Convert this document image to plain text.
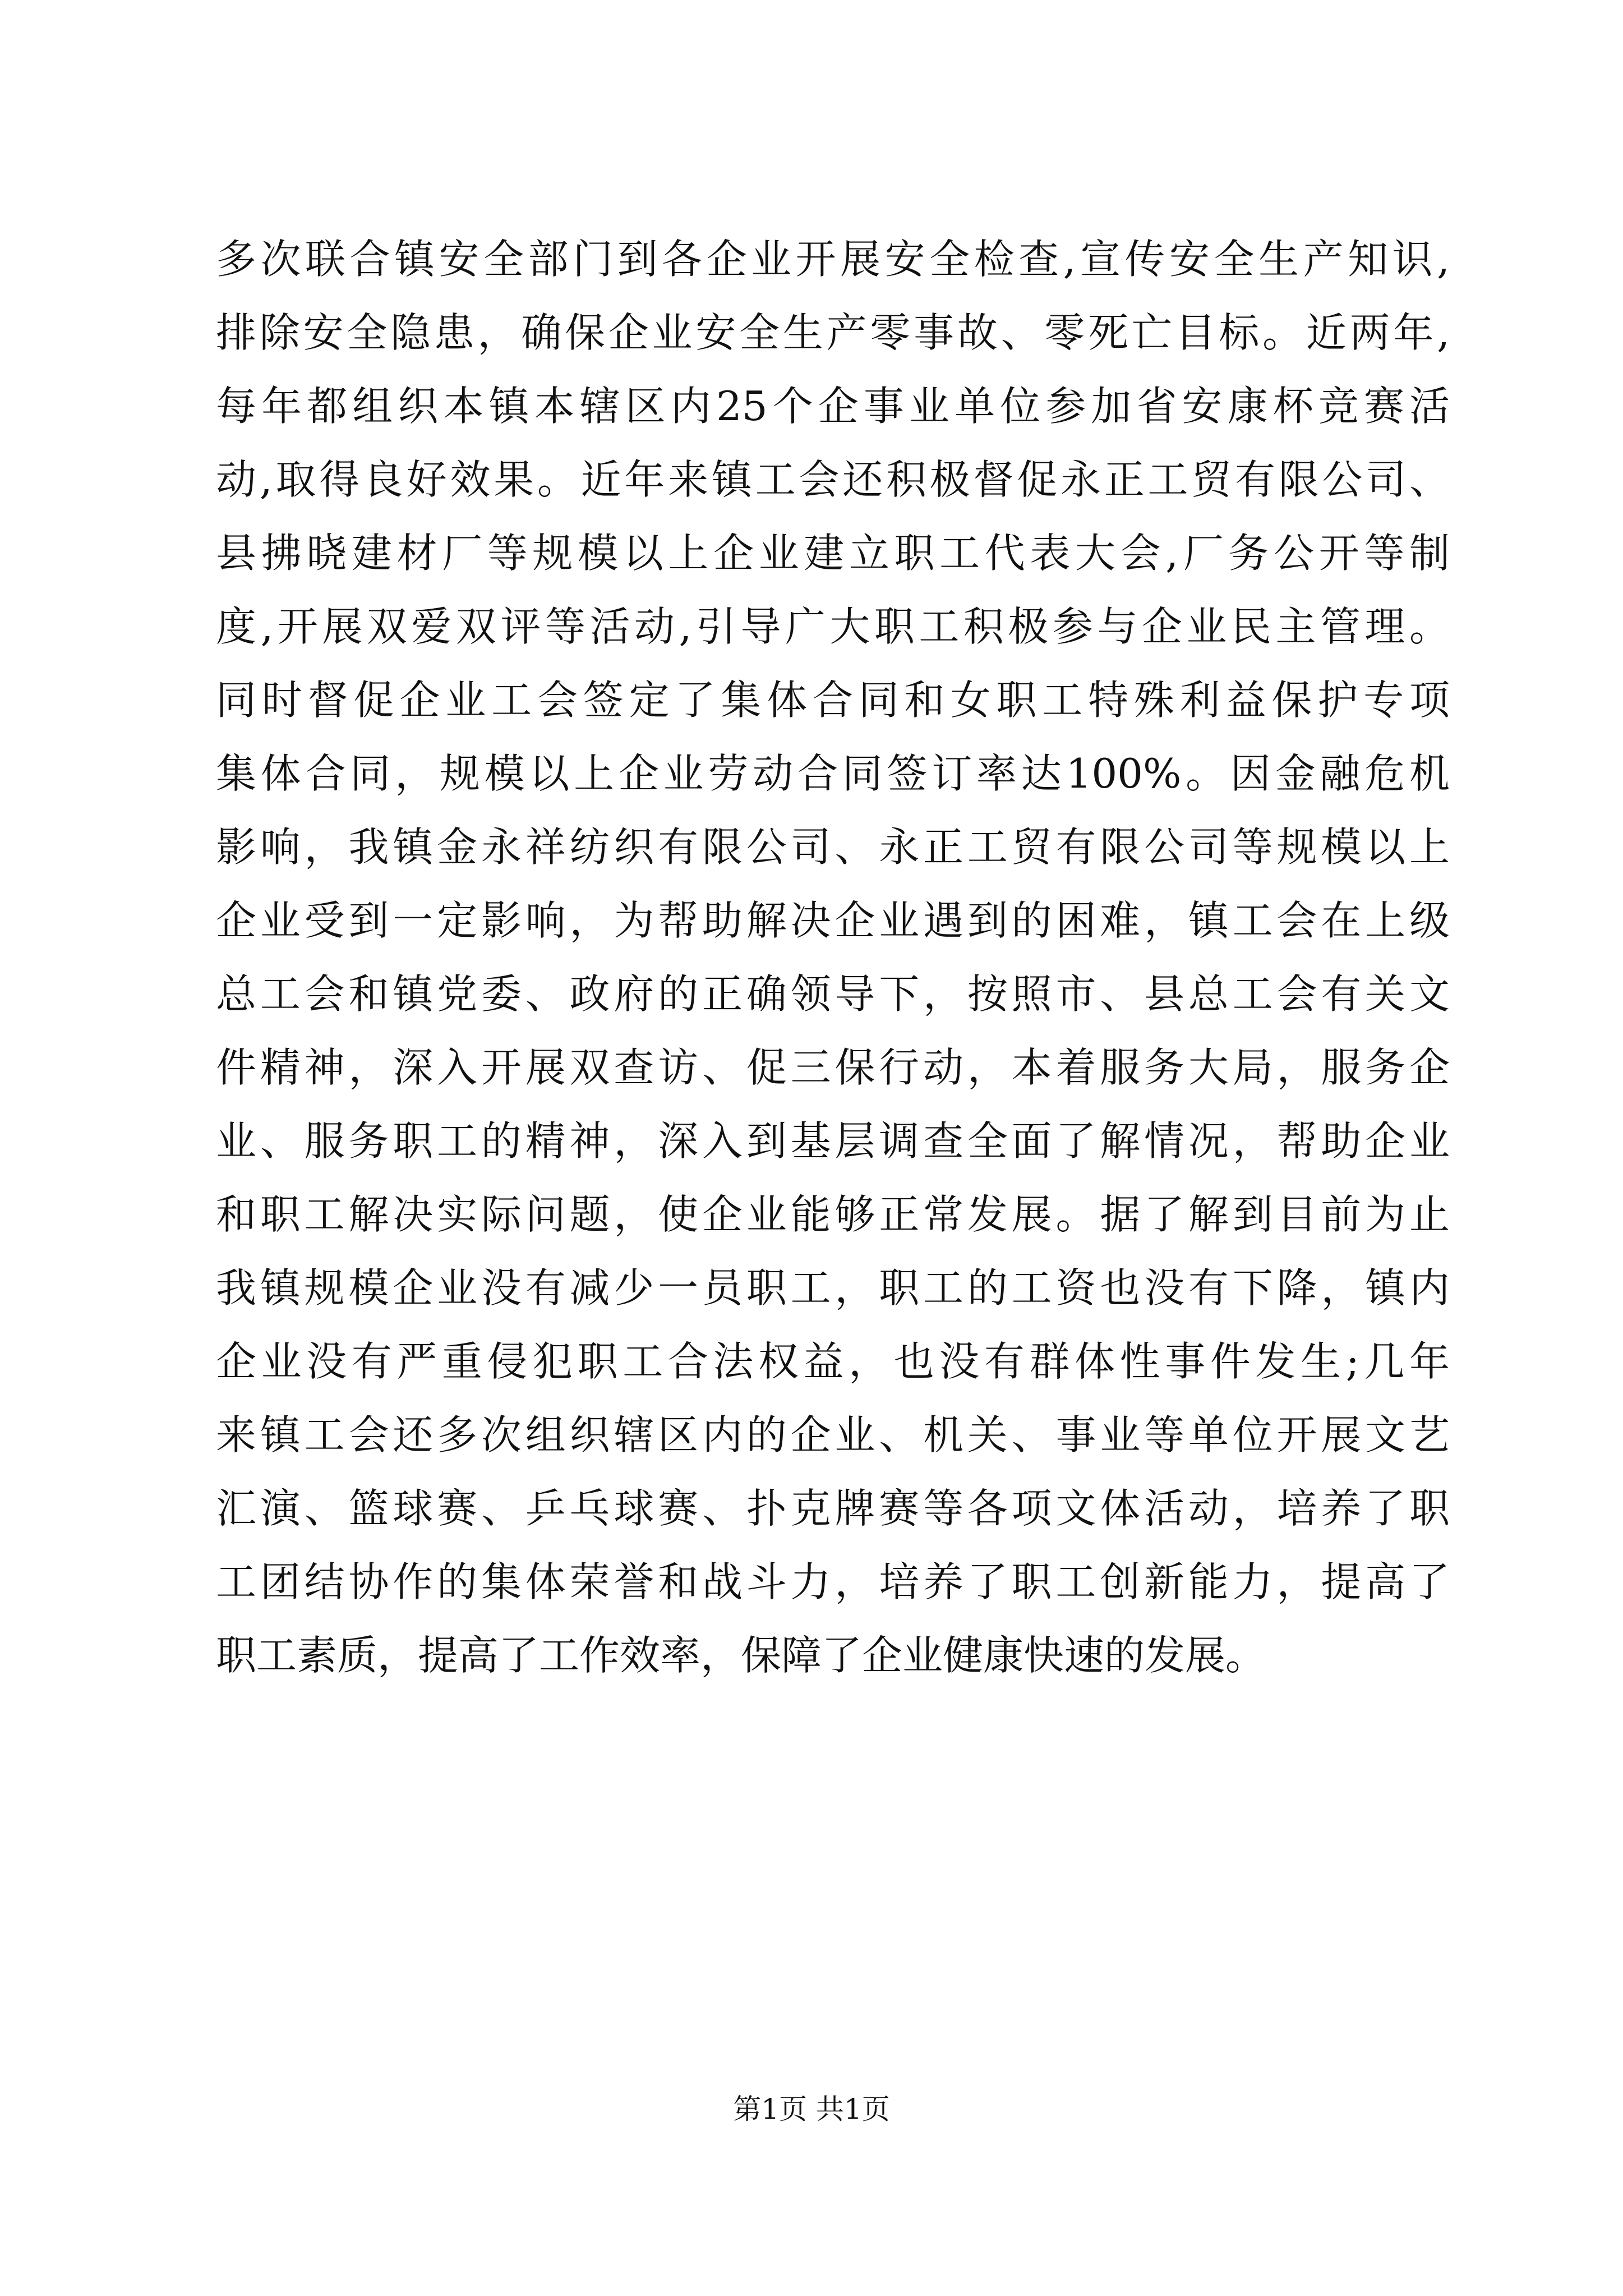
多次联合镇安全部门到各企业开展安全检查,宣传安全生产知识,
排除安全隐患，确保企业安全生产零事故、零死亡目标。近两年,
每年都组织本镇本辖区内25个企事业单位参加省安康杯竞赛活
动,取得良好效果。近年来镇工会还积极督促永正工贸有限公司、
县拂晓建材厂等规模以上企业建立职工代表大会,厂务公开等制
度,开展双爱双评等活动,引导广大职工积极参与企业民主管理。
同时督促企业工会签定了集体合同和女职工特殊利益保护专项
集体合同，规模以上企业劳动合同签订率达100%。因金融危机
影响，我镇金永祥纺织有限公司、永正工贸有限公司等规模以上
企业受到一定影响，为帮助解决企业遇到的困难，镇工会在上级
总工会和镇党委、政府的正确领导下，按照市、县总工会有关文
件精神，深入开展双查访、促三保行动，本着服务大局，服务企
业、服务职工的精神，深入到基层调查全面了解情况，帮助企业
和职工解决实际问题，使企业能够正常发展。据了解到目前为止
我镇规模企业没有减少一员职工，职工的工资也没有下降，镇内
企业没有严重侵犯职工合法权益，也没有群体性事件发生;几年
来镇工会还多次组织辖区内的企业、机关、事业等单位开展文艺
汇演、篮球赛、乒乓球赛、扑克牌赛等各项文体活动，培养了职
工团结协作的集体荣誉和战斗力，培养了职工创新能力，提高了
职工素质，提高了工作效率，保障了企业健康快速的发展。
第1页 共1页
